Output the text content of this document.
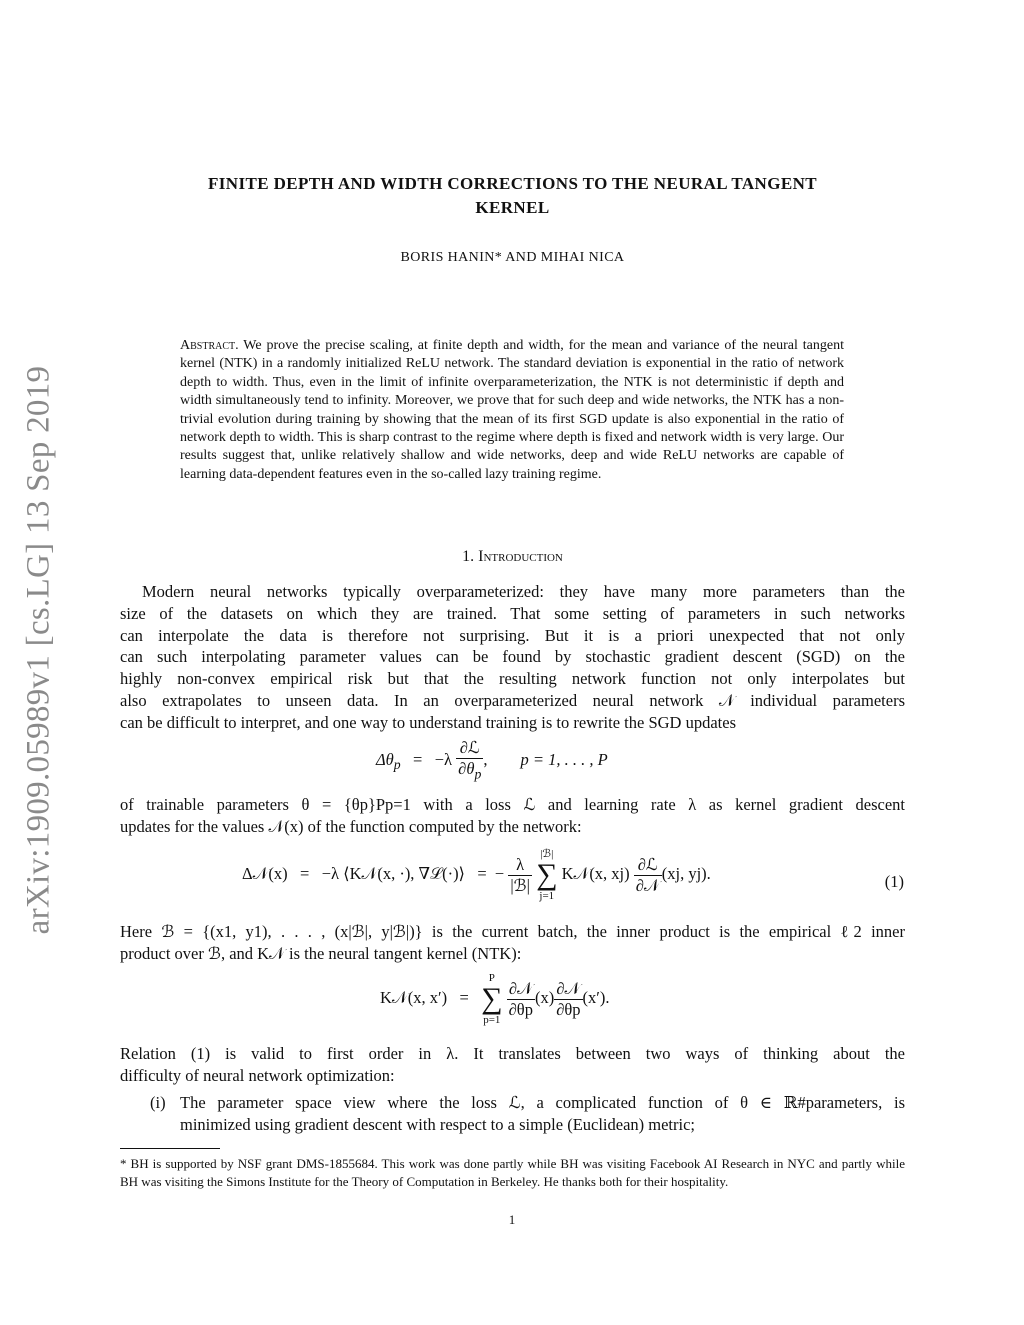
arXiv:1909.05989v1 [cs.LG] 13 Sep 2019
FINITE DEPTH AND WIDTH CORRECTIONS TO THE NEURAL TANGENT
KERNEL
BORIS HANIN* AND MIHAI NICA
Abstract. We prove the precise scaling, at finite depth and width, for the mean and variance of the neural tangent kernel (NTK) in a randomly initialized ReLU network. The standard deviation is exponential in the ratio of network depth to width. Thus, even in the limit of infinite overparameterization, the NTK is not deterministic if depth and width simultaneously tend to infinity. Moreover, we prove that for such deep and wide networks, the NTK has a non-trivial evolution during training by showing that the mean of its first SGD update is also exponential in the ratio of network depth to width. This is sharp contrast to the regime where depth is fixed and network width is very large. Our results suggest that, unlike relatively shallow and wide networks, deep and wide ReLU networks are capable of learning data-dependent features even in the so-called lazy training regime.
1. Introduction
Modern neural networks typically overparameterized: they have many more parameters than the
size of the datasets on which they are trained. That some setting of parameters in such networks
can interpolate the data is therefore not surprising. But it is a priori unexpected that not only
can such interpolating parameter values can be found by stochastic gradient descent (SGD) on the
highly non-convex empirical risk but that the resulting network function not only interpolates but
also extrapolates to unseen data. In an overparameterized neural network 𝒩 individual parameters
can be difficult to interpret, and one way to understand training is to rewrite the SGD updates
$\Delta\theta_p = -\lambda \frac{\text{∂ℒ}}{\partial\theta_p}$ ,        p = 1, . . . , P
of trainable parameters θ = {θp}Pp=1 with a loss ℒ and learning rate λ as kernel gradient descent
updates for the values 𝒩(x) of the function computed by the network:
Δ𝒩(x)   =   −λ ⟨K𝒩(x, ·), ∇ℒ(·)⟩   =  − $\frac{\lambda}{\text{|ℬ|}}$

|ℬ|
∑
j=1
K𝒩(x, $xj) \frac{\text{∂ℒ}}{\text{∂𝒩}} (xj$, yj).	(1)
Here ℬ = {(x1, y1), . . . , (x|ℬ|, y|ℬ|)} is the current batch, the inner product is the empirical ℓ2 inner
product over ℬ, and K𝒩 is the neural tangent kernel (NTK):
K𝒩(x, x′)   =
P
∑
p=1

$\frac{\text{∂𝒩}}{\partial\theta p} (x) \frac{\text{∂𝒩}}{\partial\theta p} (x')$.
Relation (1) is valid to first order in λ. It translates between two ways of thinking about the
difficulty of neural network optimization:
(i) The parameter space view where the loss ℒ, a complicated function of θ ∈ ℝ#parameters, is
minimized using gradient descent with respect to a simple (Euclidean) metric;
* BH is supported by NSF grant DMS-1855684. This work was done partly while BH was visiting Facebook AI Research in NYC and partly while BH was visiting the Simons Institute for the Theory of Computation in Berkeley. He thanks both for their hospitality.
1
